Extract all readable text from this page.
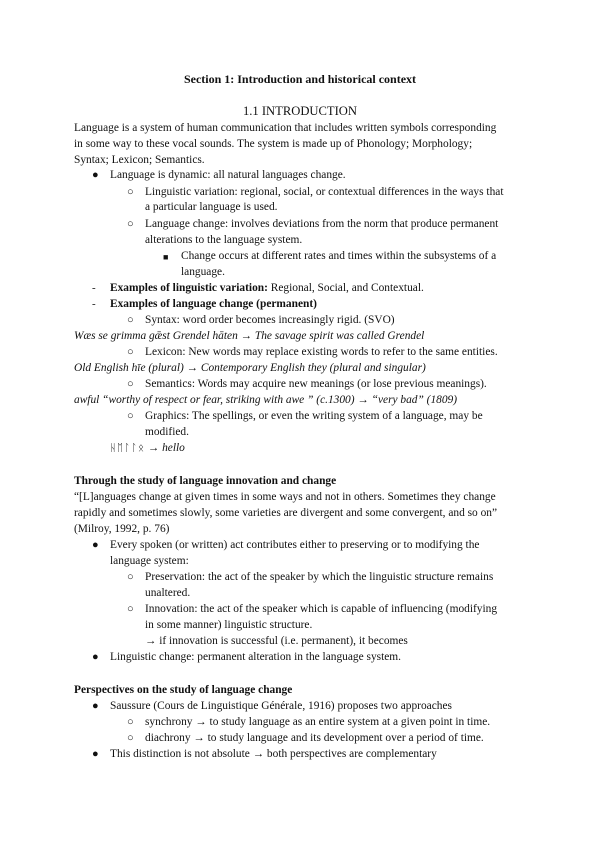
Section 1: Introduction and historical context
1.1 INTRODUCTION
Language is a system of human communication that includes written symbols corresponding
in some way to these vocal sounds. The system is made up of Phonology; Morphology;
Syntax; Lexicon; Semantics.
● Language is dynamic: all natural languages change.
○ Linguistic variation: regional, social, or contextual differences in the ways that
a particular language is used.
○ Language change: involves deviations from the norm that produce permanent
alterations to the language system.
■ Change occurs at different rates and times within the subsystems of a
language.
- Examples of linguistic variation: Regional, Social, and Contextual.
- Examples of language change (permanent)
○ Syntax: word order becomes increasingly rigid. (SVO)
Wæs se grimma gǣst Grendel hāten → The savage spirit was called Grendel
○ Lexicon: New words may replace existing words to refer to the same entities.
Old English hīe (plural) → Contemporary English they (plural and singular)
○ Semantics: Words may acquire new meanings (or lose previous meanings).
awful “worthy of respect or fear, striking with awe ” (c.1300) → “very bad” (1809)
○ Graphics: The spellings, or even the writing system of a language, may be
modified.
ᚺᛖᛚᛚᛟ → hello
Through the study of language innovation and change
“[L]anguages change at given times in some ways and not in others. Sometimes they change
rapidly and sometimes slowly, some varieties are divergent and some convergent, and so on”
(Milroy, 1992, p. 76)
● Every spoken (or written) act contributes either to preserving or to modifying the
language system:
○ Preservation: the act of the speaker by which the linguistic structure remains
unaltered.
○ Innovation: the act of the speaker which is capable of influencing (modifying
in some manner) linguistic structure.
→ if innovation is successful (i.e. permanent), it becomes
● Linguistic change: permanent alteration in the language system.
Perspectives on the study of language change
● Saussure (Cours de Linguistique Générale, 1916) proposes two approaches
○ synchrony → to study language as an entire system at a given point in time.
○ diachrony → to study language and its development over a period of time.
● This distinction is not absolute → both perspectives are complementary
